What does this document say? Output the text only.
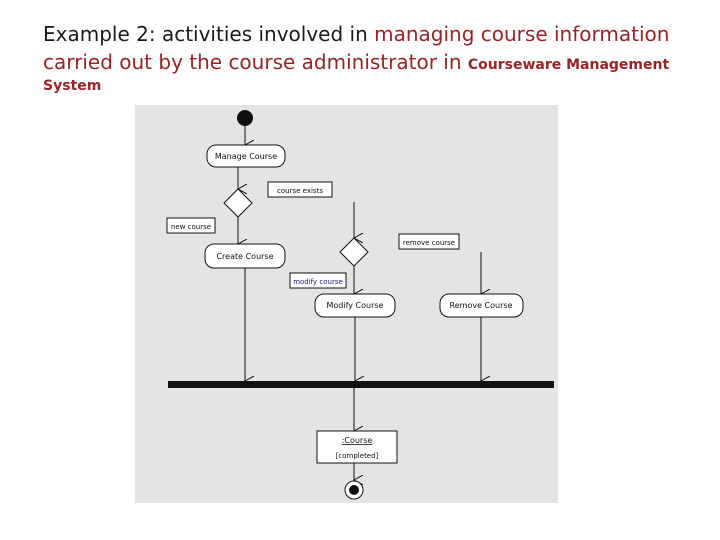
Example 2: activities involved in managing course information
carried out by the course administrator in Courseware Management
System
Manage Course
course exists
new course
Create Course
remove course
modify course
Modify Course	Remove Course
:Course
[completed]
